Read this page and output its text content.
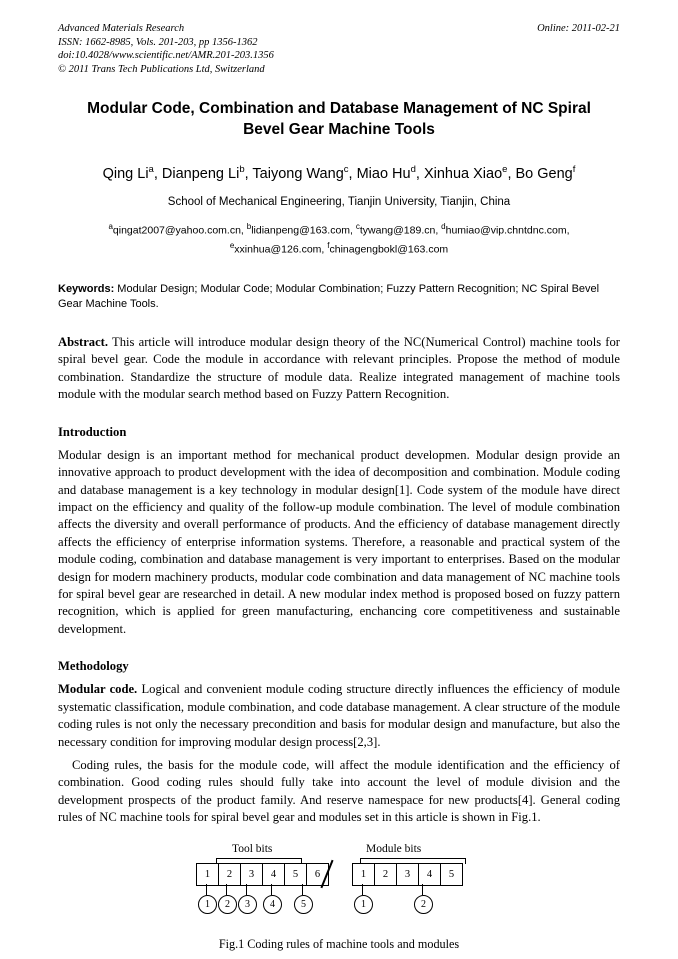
Online: 2011-02-21
Advanced Materials Research
ISSN: 1662-8985, Vols. 201-203, pp 1356-1362
doi:10.4028/www.scientific.net/AMR.201-203.1356
© 2011 Trans Tech Publications Ltd, Switzerland
Modular Code, Combination and Database Management of NC Spiral Bevel Gear Machine Tools
Qing Li$^a$, Dianpeng Li$^b$, Taiyong Wang$^c$, Miao Hu$^d$, Xinhua Xiao$^e$, Bo Geng$^f$
School of Mechanical Engineering, Tianjin University, Tianjin, China
$^a$qingat2007@yahoo.com.cn, $^b$lidianpeng@163.com, $^c$tywang@189.cn, $^d$humiao@vip.chntdnc.com,
$^e$xxinhua@126.com, $^f$chinagengbokl@163.com
Keywords: Modular Design; Modular Code; Modular Combination; Fuzzy Pattern Recognition; NC Spiral Bevel Gear Machine Tools.
Abstract. This article will introduce modular design theory of the NC(Numerical Control) machine tools for spiral bevel gear. Code the module in accordance with relevant principles. Propose the method of module combination. Standardize the structure of module data. Realize integrated management of machine tools module with the modular search method based on Fuzzy Pattern Recognition.
Introduction

Modular design is an important method for mechanical product developmen. Modular design provide an innovative approach to product development with the idea of decomposition and combination. Module coding and database management is a key technology in modular design[1]. Code system of the module have direct impact on the efficiency and quality of the follow-up module combination. The level of module combination affects the diversity and overall performance of products. And the efficiency of database management directly affects the efficiency of enterprise information systems. Therefore, a reasonable and practical system of the module coding, combination and database management is very important to enterprises. Based on the modular design for modern machinery products, modular code combination and data management of NC machine tools for spiral bevel gear are researched in detail. A new modular index method is proposed bosed on fuzzy pattern recognition, which is applied for green manufacturing, enchancing core competitiveness and sustainable development.

Methodology

Modular code. Logical and convenient module coding structure directly influences the efficiency of module systematic classification, module combination, and code database management. A clear structure of the module coding rules is not only the necessary precondition and basis for modular design and manufacture, but also the necessary condition for improving modular design process[2,3].

Coding rules, the basis for the module code, will affect the module identification and the efficiency of combination. Good coding rules should fully take into account the level of module division and the development prospects of the product family. And reserve namespace for new products[4]. General coding rules of NC machine tools for spiral bevel gear and modules set in this article is shown in Fig.1.

Tool bits	Module bits
1	2	3	4	5	6	1	2	3	4	5
1	2	3	4	5	1	2
Fig.1 Coding rules of machine tools and modules
